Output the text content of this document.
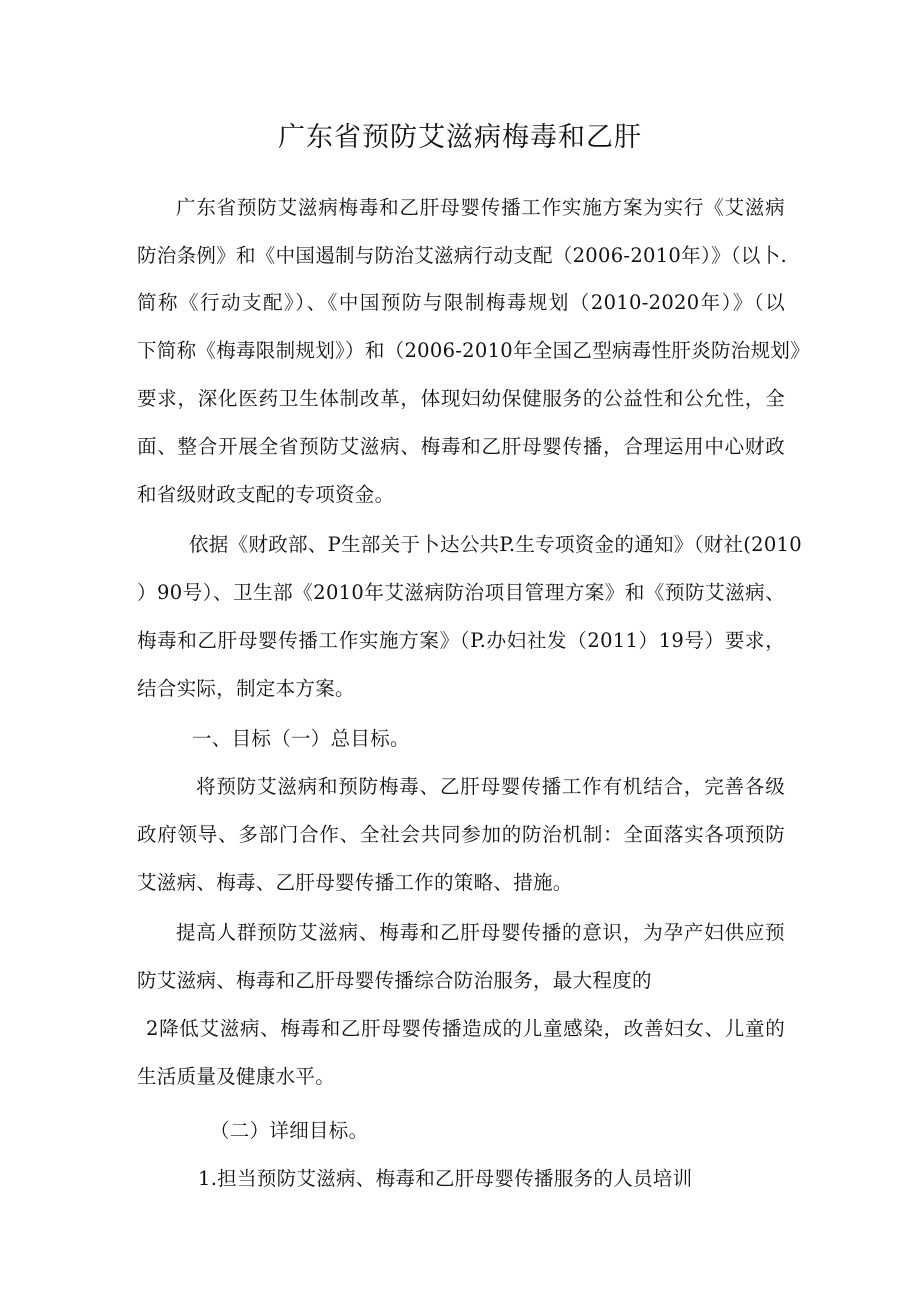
广东省预防艾滋病梅毒和乙肝
广东省预防艾滋病梅毒和乙肝母婴传播工作实施方案为实行《艾滋病
防治条例》和《中国遏制与防治艾滋病行动支配（2006-2010年）》（以卜.
简称《行动支配》）、《中国预防与限制梅毒规划（2010-2020年）》（以
下简称《梅毒限制规划》）和（2006-2010年全国乙型病毒性肝炎防治规划》
要求，深化医药卫生体制改革，体现妇幼保健服务的公益性和公允性，全
面、整合开展全省预防艾滋病、梅毒和乙肝母婴传播，合理运用中心财政
和省级财政支配的专项资金。
依据《财政部、P生部关于卜达公共P.生专项资金的通知》（财社(2010
）90号）、卫生部《2010年艾滋病防治项目管理方案》和《预防艾滋病、
梅毒和乙肝母婴传播工作实施方案》（P.办妇社发（2011）19号）要求，
结合实际，制定本方案。
一、目标（一）总目标。
将预防艾滋病和预防梅毒、乙肝母婴传播工作有机结合，完善各级
政府领导、多部门合作、全社会共同参加的防治机制：全面落实各项预防
艾滋病、梅毒、乙肝母婴传播工作的策略、措施。
提高人群预防艾滋病、梅毒和乙肝母婴传播的意识，为孕产妇供应预
防艾滋病、梅毒和乙肝母婴传播综合防治服务，最大程度的
2降低艾滋病、梅毒和乙肝母婴传播造成的儿童感染，改善妇女、儿童的
生活质量及健康水平。
（二）详细目标。
1.担当预防艾滋病、梅毒和乙肝母婴传播服务的人员培训
